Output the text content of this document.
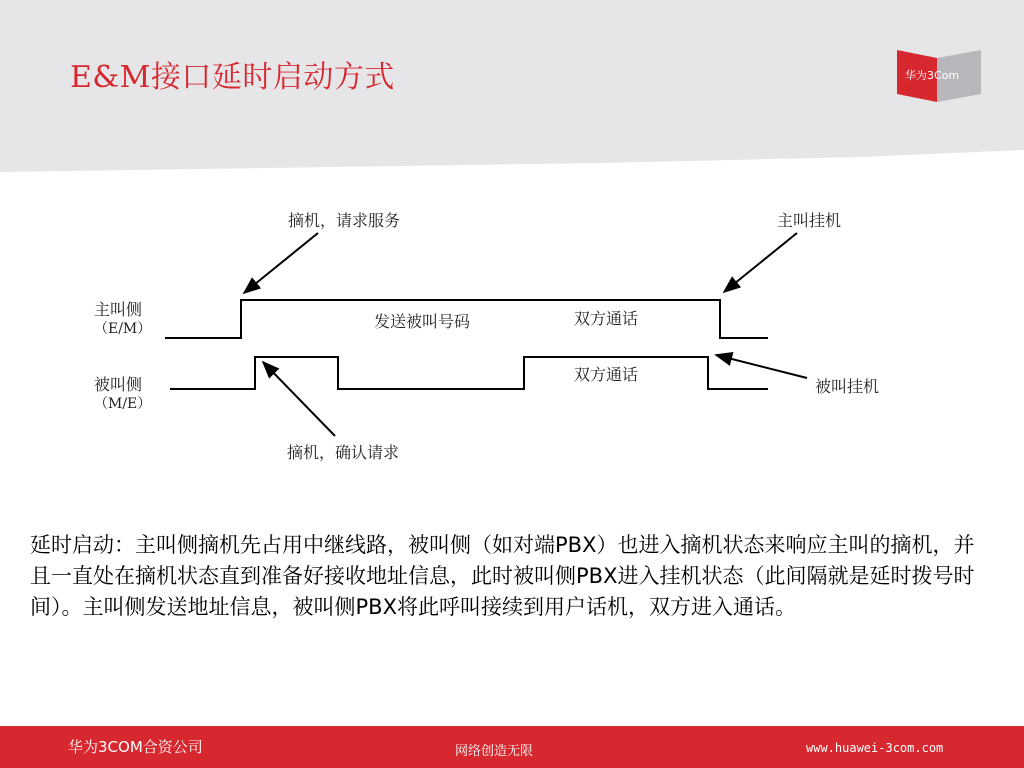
E&M接口延时启动方式	华为3Com
主叫侧
（E/M）
被叫侧
（M/E）
摘机，请求服务	主叫挂机
发送被叫号码	双方通话
双方通话
被叫挂机
摘机，确认请求
延时启动：主叫侧摘机先占用中继线路，被叫侧（如对端PBX）也进入摘机状态来响应主叫的摘机，并且一直处在摘机状态直到准备好接收地址信息，此时被叫侧PBX进入挂机状态（此间隔就是延时拨号时间）。主叫侧发送地址信息，被叫侧PBX将此呼叫接续到用户话机，双方进入通话。
华为3COM合资公司	网络创造无限	www.huawei-3com.com
